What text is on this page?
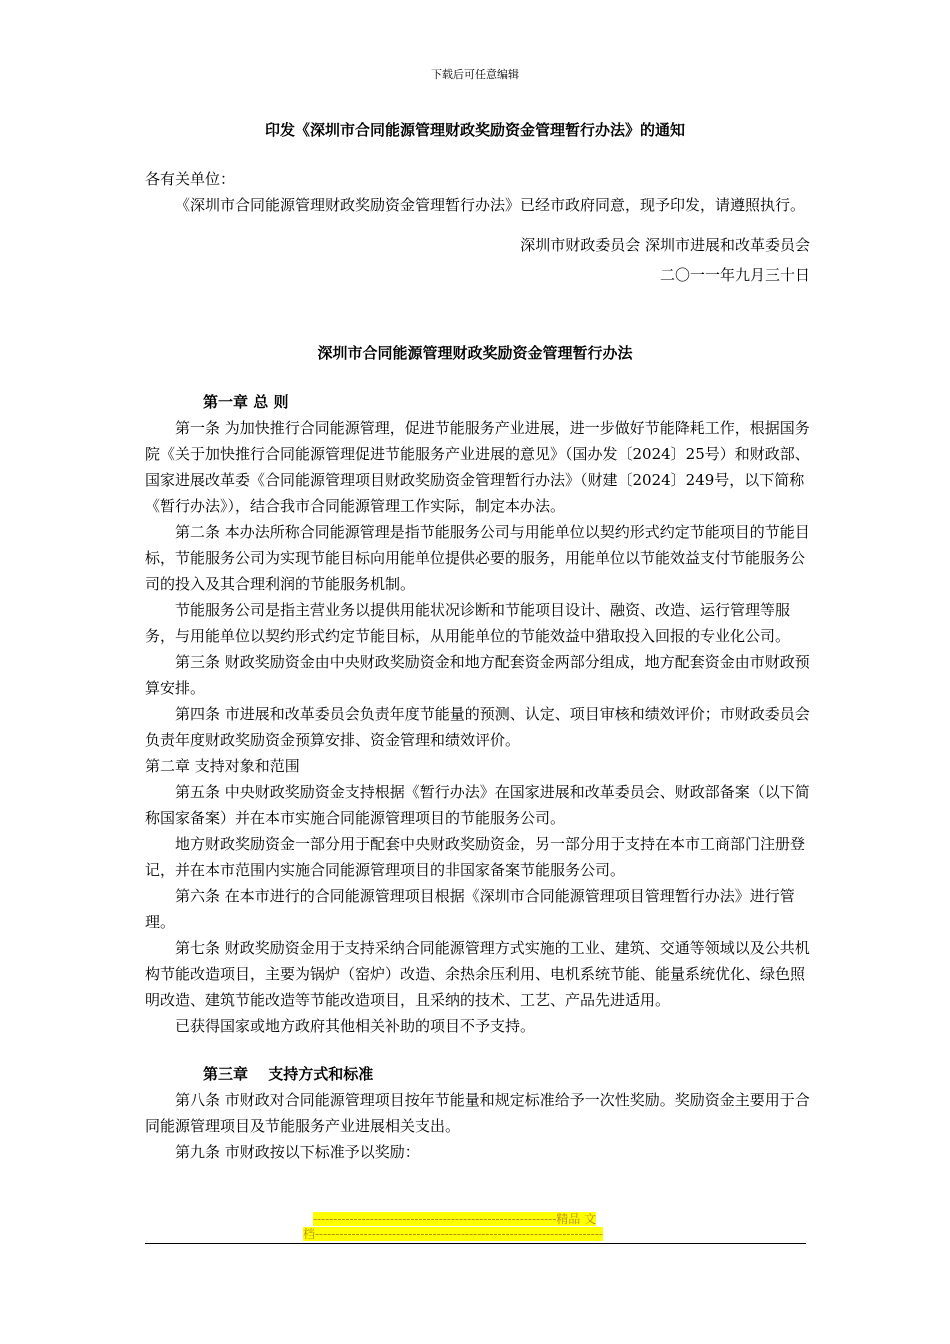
下载后可任意编辑
印发《深圳市合同能源管理财政奖励资金管理暂行办法》的通知

各有关单位：

《深圳市合同能源管理财政奖励资金管理暂行办法》已经市政府同意，现予印发，请遵照执行。

深圳市财政委员会 深圳市进展和改革委员会

二〇一一年九月三十日

深圳市合同能源管理财政奖励资金管理暂行办法

第一章 总 则

第一条 为加快推行合同能源管理，促进节能服务产业进展，进一步做好节能降耗工作，根据国务院《关于加快推行合同能源管理促进节能服务产业进展的意见》（国办发〔2024〕25号）和财政部、国家进展改革委《合同能源管理项目财政奖励资金管理暂行办法》（财建〔2024〕249号，以下简称《暂行办法》），结合我市合同能源管理工作实际，制定本办法。

第二条 本办法所称合同能源管理是指节能服务公司与用能单位以契约形式约定节能项目的节能目标，节能服务公司为实现节能目标向用能单位提供必要的服务，用能单位以节能效益支付节能服务公司的投入及其合理利润的节能服务机制。

节能服务公司是指主营业务以提供用能状况诊断和节能项目设计、融资、改造、运行管理等服务，与用能单位以契约形式约定节能目标，从用能单位的节能效益中猎取投入回报的专业化公司。

第三条 财政奖励资金由中央财政奖励资金和地方配套资金两部分组成，地方配套资金由市财政预算安排。

第四条 市进展和改革委员会负责年度节能量的预测、认定、项目审核和绩效评价；市财政委员会负责年度财政奖励资金预算安排、资金管理和绩效评价。

第二章 支持对象和范围

第五条 中央财政奖励资金支持根据《暂行办法》在国家进展和改革委员会、财政部备案（以下简称国家备案）并在本市实施合同能源管理项目的节能服务公司。

地方财政奖励资金一部分用于配套中央财政奖励资金，另一部分用于支持在本市工商部门注册登记，并在本市范围内实施合同能源管理项目的非国家备案节能服务公司。

第六条 在本市进行的合同能源管理项目根据《深圳市合同能源管理项目管理暂行办法》进行管理。

第七条 财政奖励资金用于支持采纳合同能源管理方式实施的工业、建筑、交通等领域以及公共机构节能改造项目，主要为锅炉（窑炉）改造、余热余压利用、电机系统节能、能量系统优化、绿色照明改造、建筑节能改造等节能改造项目，且采纳的技术、工艺、产品先进适用。

已获得国家或地方政府其他相关补助的项目不予支持。

第三章　 支持方式和标准

第八条 市财政对合同能源管理项目按年节能量和规定标准给予一次性奖励。奖励资金主要用于合同能源管理项目及节能服务产业进展相关支出。

第九条 市财政按以下标准予以奖励：

------------------------------------------------------------精品 文
档-----------------------------------------------------------------------
